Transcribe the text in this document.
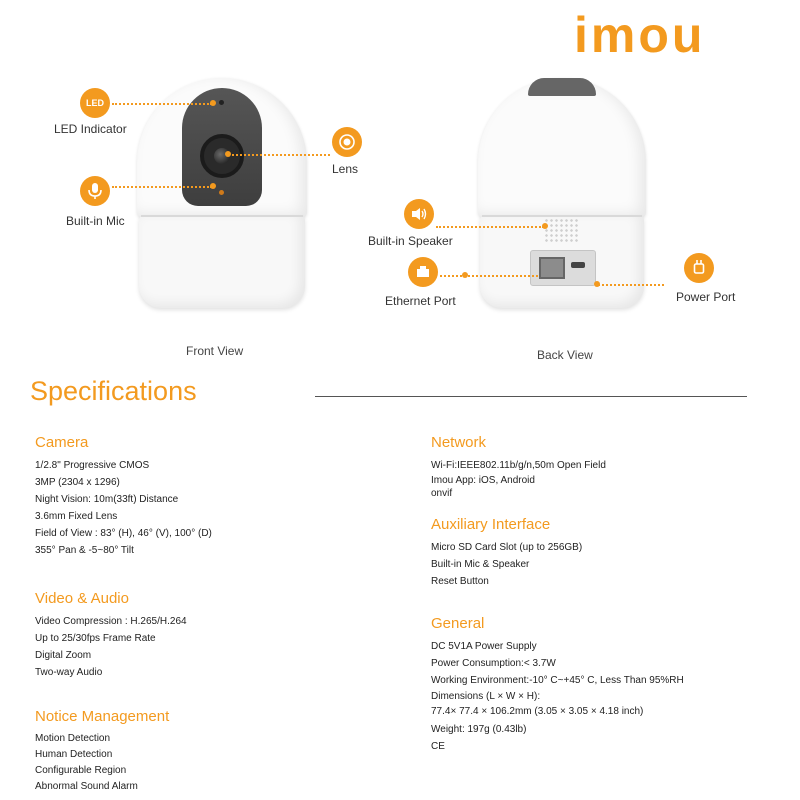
imou
LED
LED Indicator
Built-in Mic
Lens
Front View
Built-in Speaker
Ethernet Port	Power Port
Back View
Specifications
Camera
1/2.8" Progressive CMOS
3MP (2304 x 1296)
Night Vision: 10m(33ft) Distance
3.6mm Fixed Lens
Field of View : 83° (H), 46° (V), 100° (D)
355° Pan & -5~80° Tilt
Video & Audio
Video Compression : H.265/H.264
Up to 25/30fps Frame Rate
Digital Zoom
Two-way Audio
Notice Management
Motion Detection
Human Detection
Configurable Region
Abnormal Sound Alarm
Network
Wi-Fi:IEEE802.11b/g/n,50m Open Field
Imou App: iOS, Android
onvif
Auxiliary Interface
Micro SD Card Slot (up to 256GB)
Built-in Mic & Speaker
Reset Button
General
DC 5V1A Power Supply
Power Consumption:< 3.7W
Working Environment:-10° C~+45° C, Less Than 95%RH
Dimensions (L × W × H):
77.4× 77.4 × 106.2mm (3.05 × 3.05 × 4.18 inch)
Weight: 197g (0.43lb)
CE
